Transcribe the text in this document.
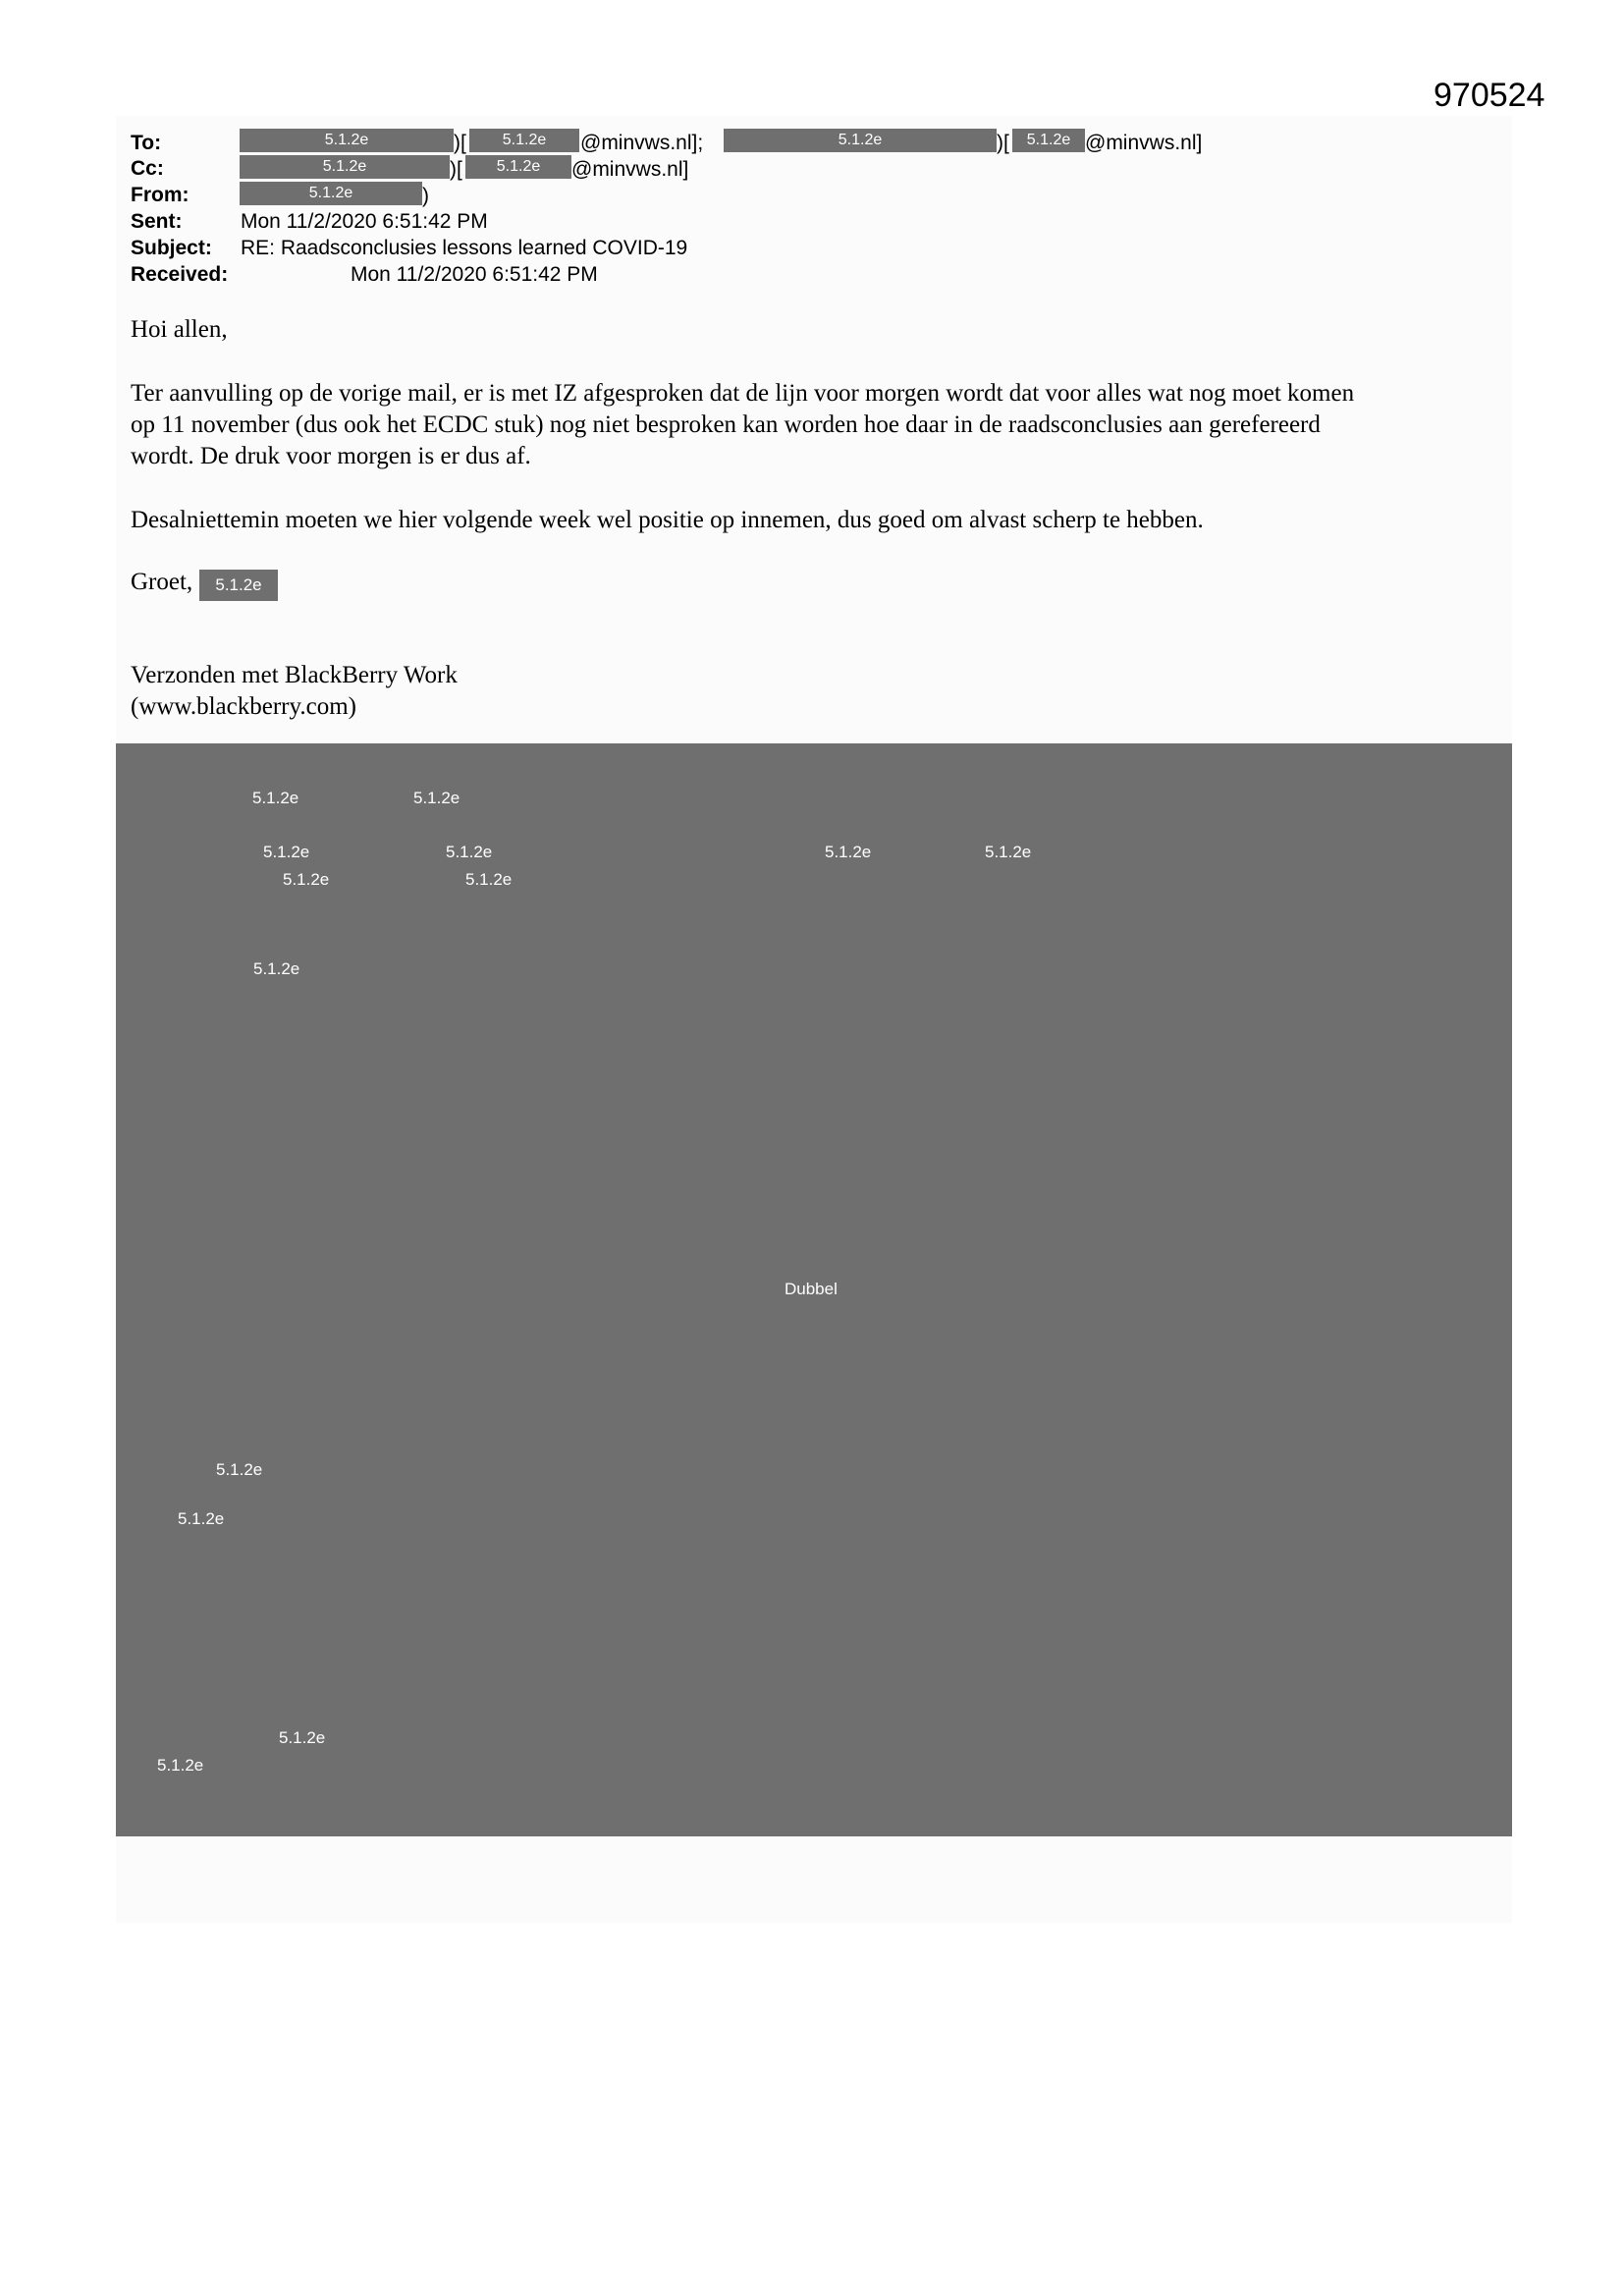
970524
To:	5.1.2e	)[	5.1.2e	@minvws.nl];	5.1.2e	)[	5.1.2e @minvws.nl]
Cc:	5.1.2e	)[	5.1.2e	@minvws.nl]
From:	5.1.2e	)
Sent:	Mon 11/2/2020 6:51:42 PM
Subject: RE: Raadsconclusies lessons learned COVID-19
Received:	Mon 11/2/2020 6:51:42 PM
Hoi allen,
Ter aanvulling op de vorige mail, er is met IZ afgesproken dat de lijn voor morgen wordt dat voor alles wat nog moet komen
op 11 november (dus ook het ECDC stuk) nog niet besproken kan worden hoe daar in de raadsconclusies aan gerefereerd
wordt. De druk voor morgen is er dus af.
Desalniettemin moeten we hier volgende week wel positie op innemen, dus goed om alvast scherp te hebben.
Groet,	5.1.2e
Verzonden met BlackBerry Work
(www.blackberry.com)
5.1.2e	5.1.2e
5.1.2e	5.1.2e	5.1.2e	5.1.2e
5.1.2e	5.1.2e
5.1.2e
Dubbel
5.1.2e
5.1.2e
5.1.2e
5.1.2e
